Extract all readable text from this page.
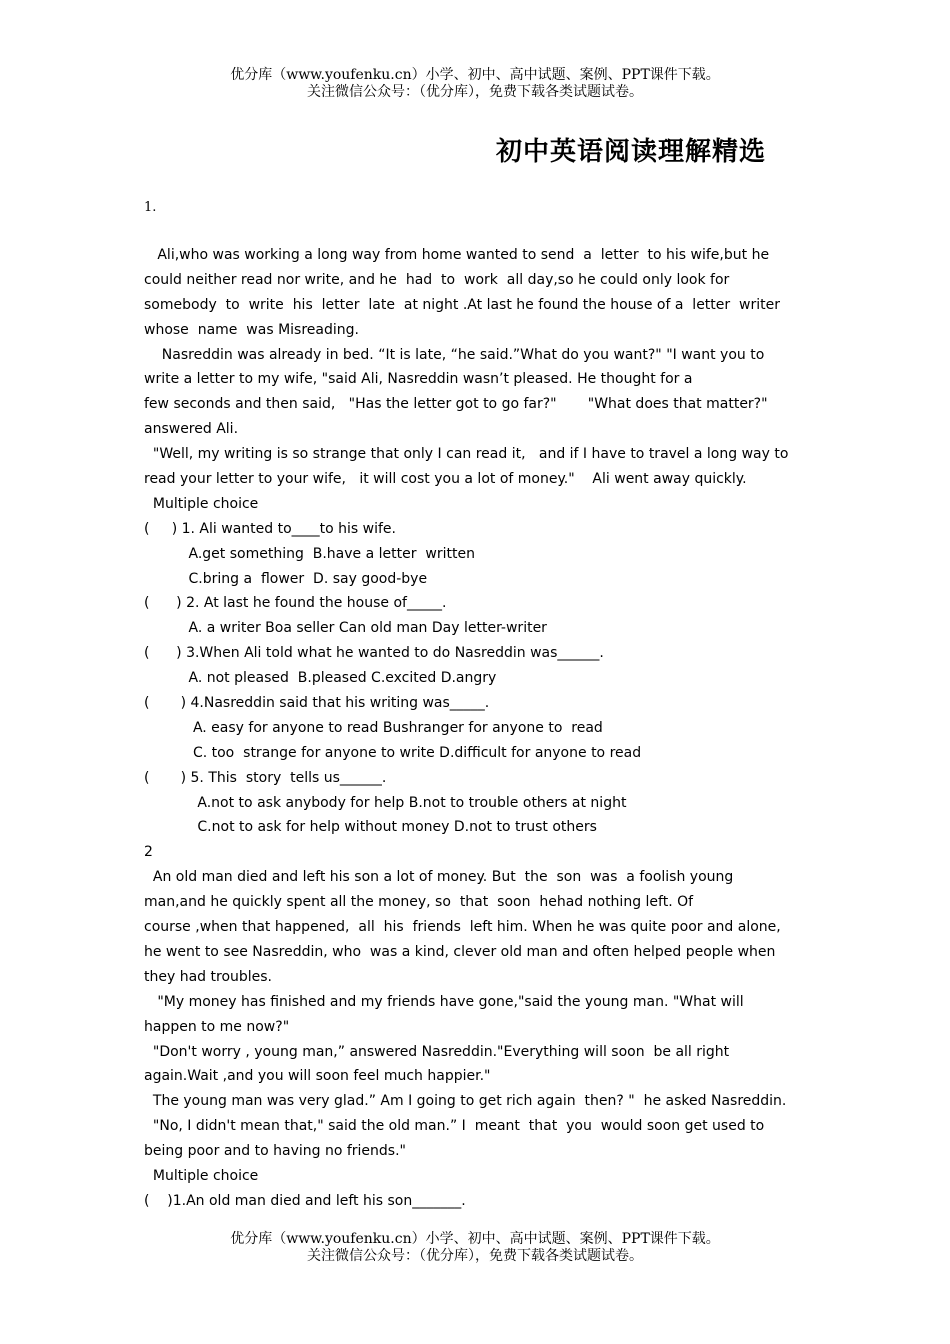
优分库（www.youfenku.cn）小学、初中、高中试题、案例、PPT课件下载。
关注微信公众号：（优分库），免费下载各类试题试卷。
初中英语阅读理解精选
1.
Ali,who was working a long way from home wanted to send  a  letter  to his wife,but he
could neither read nor write, and he  had  to  work  all day,so he could only look for
somebody  to  write  his  letter  late  at night .At last he found the house of a  letter  writer
whose  name  was Misreading.
Nasreddin was already in bed. “It is late, “he said.”What do you want?" "I want you to
write a letter to my wife, "said Ali, Nasreddin wasn’t pleased. He thought for a
few seconds and then said,   "Has the letter got to go far?"       "What does that matter?"
answered Ali.
"Well, my writing is so strange that only I can read it,   and if I have to travel a long way to
read your letter to your wife,   it will cost you a lot of money."    Ali went away quickly.
Multiple choice
(     ) 1. Ali wanted to____to his wife.
A.get something  B.have a letter  written
C.bring a  flower  D. say good-bye
(      ) 2. At last he found the house of_____.
A. a writer Boa seller Can old man Day letter-writer
(      ) 3.When Ali told what he wanted to do Nasreddin was______.
A. not pleased  B.pleased C.excited D.angry
(       ) 4.Nasreddin said that his writing was_____.
A. easy for anyone to read Bushranger for anyone to  read
C. too  strange for anyone to write D.difficult for anyone to read
(       ) 5. This  story  tells us______.
A.not to ask anybody for help B.not to trouble others at night
C.not to ask for help without money D.not to trust others
2
An old man died and left his son a lot of money. But  the  son  was  a foolish young
man,and he quickly spent all the money, so  that  soon  hehad nothing left. Of
course ,when that happened,  all  his  friends  left him. When he was quite poor and alone,
he went to see Nasreddin, who  was a kind, clever old man and often helped people when
they had troubles.
"My money has finished and my friends have gone,"said the young man. "What will
happen to me now?"
"Don't worry , young man,” answered Nasreddin."Everything will soon  be all right
again.Wait ,and you will soon feel much happier."
The young man was very glad.” Am I going to get rich again  then? "  he asked Nasreddin.
"No, I didn't mean that," said the old man.” I  meant  that  you  would soon get used to
being poor and to having no friends."
Multiple choice
(    )1.An old man died and left his son_______.
优分库（www.youfenku.cn）小学、初中、高中试题、案例、PPT课件下载。
关注微信公众号：（优分库），免费下载各类试题试卷。
